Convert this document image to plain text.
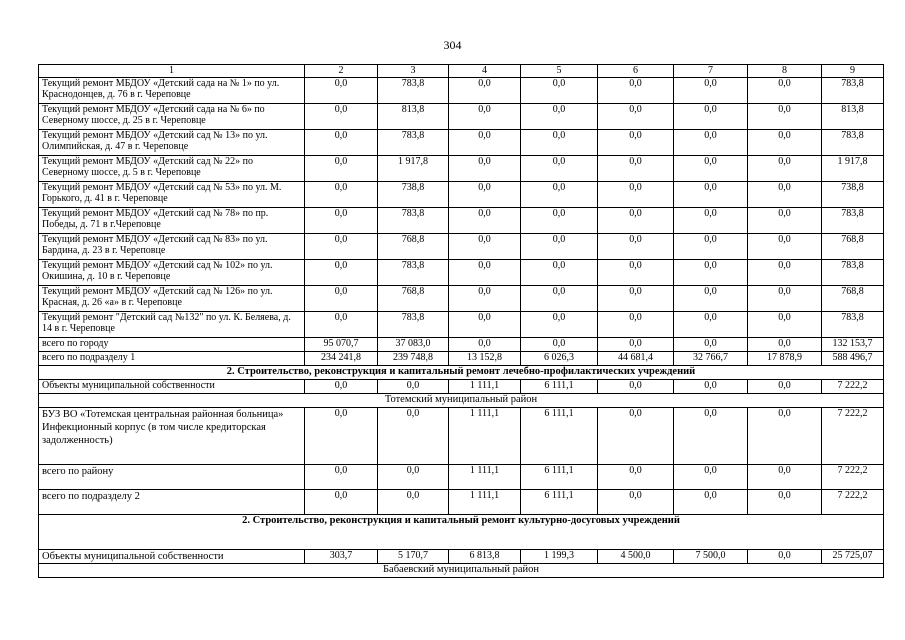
304
1	2	3	4	5	6	7	8	9
Текущий ремонт МБДОУ «Детский сада на № 1» по ул. Краснодонцев, д. 76 в г. Череповце	0,0	783,8	0,0	0,0	0,0	0,0	0,0	783,8
Текущий ремонт МБДОУ «Детский сада на № 6» по Северному шоссе, д. 25 в г. Череповце	0,0	813,8	0,0	0,0	0,0	0,0	0,0	813,8
Текущий ремонт МБДОУ «Детский сад № 13» по ул. Олимпийская, д. 47 в г. Череповце	0,0	783,8	0,0	0,0	0,0	0,0	0,0	783,8
Текущий ремонт МБДОУ «Детский сад № 22» по Северному шоссе, д. 5 в г. Череповце	0,0	1 917,8	0,0	0,0	0,0	0,0	0,0	1 917,8
Текущий ремонт МБДОУ «Детский сад № 53» по ул. М. Горького, д. 41 в г. Череповце	0,0	738,8	0,0	0,0	0,0	0,0	0,0	738,8
Текущий ремонт МБДОУ «Детский сад № 78» по пр. Победы, д. 71 в г.Череповце	0,0	783,8	0,0	0,0	0,0	0,0	0,0	783,8
Текущий ремонт МБДОУ «Детский сад № 83» по ул. Бардина, д. 23 в г. Череповце	0,0	768,8	0,0	0,0	0,0	0,0	0,0	768,8
Текущий ремонт МБДОУ «Детский сад № 102» по ул. Окишина, д. 10 в г. Череповце	0,0	783,8	0,0	0,0	0,0	0,0	0,0	783,8
Текущий ремонт МБДОУ «Детский сад № 126» по ул. Красная, д. 26 «а» в г. Череповце	0,0	768,8	0,0	0,0	0,0	0,0	0,0	768,8
Текущий ремонт "Детский сад №132" по ул. К. Беляева, д. 14 в г. Череповце	0,0	783,8	0,0	0,0	0,0	0,0	0,0	783,8
всего по городу	95 070,7	37 083,0	0,0	0,0	0,0	0,0	0,0	132 153,7
всего по подразделу 1	234 241,8	239 748,8	13 152,8	6 026,3	44 681,4	32 766,7	17 878,9	588 496,7
2. Строительство, реконструкция и капитальный ремонт лечебно-профилактических учреждений								
Объекты муниципальной собственности	0,0	0,0	1 111,1	6 111,1	0,0	0,0	0,0	7 222,2
Тотемский муниципальный район								
БУЗ ВО «Тотемская центральная районная больница» Инфекционный корпус (в том числе кредиторская задолженность)	0,0	0,0	1 111,1	6 111,1	0,0	0,0	0,0	7 222,2
всего по району	0,0	0,0	1 111,1	6 111,1	0,0	0,0	0,0	7 222,2
всего по подразделу 2	0,0	0,0	1 111,1	6 111,1	0,0	0,0	0,0	7 222,2
2. Строительство, реконструкция и капитальный ремонт культурно-досуговых учреждений								
Объекты муниципальной собственности	303,7	5 170,7	6 813,8	1 199,3	4 500,0	7 500,0	0,0	25 725,07
Бабаевский муниципальный район								
